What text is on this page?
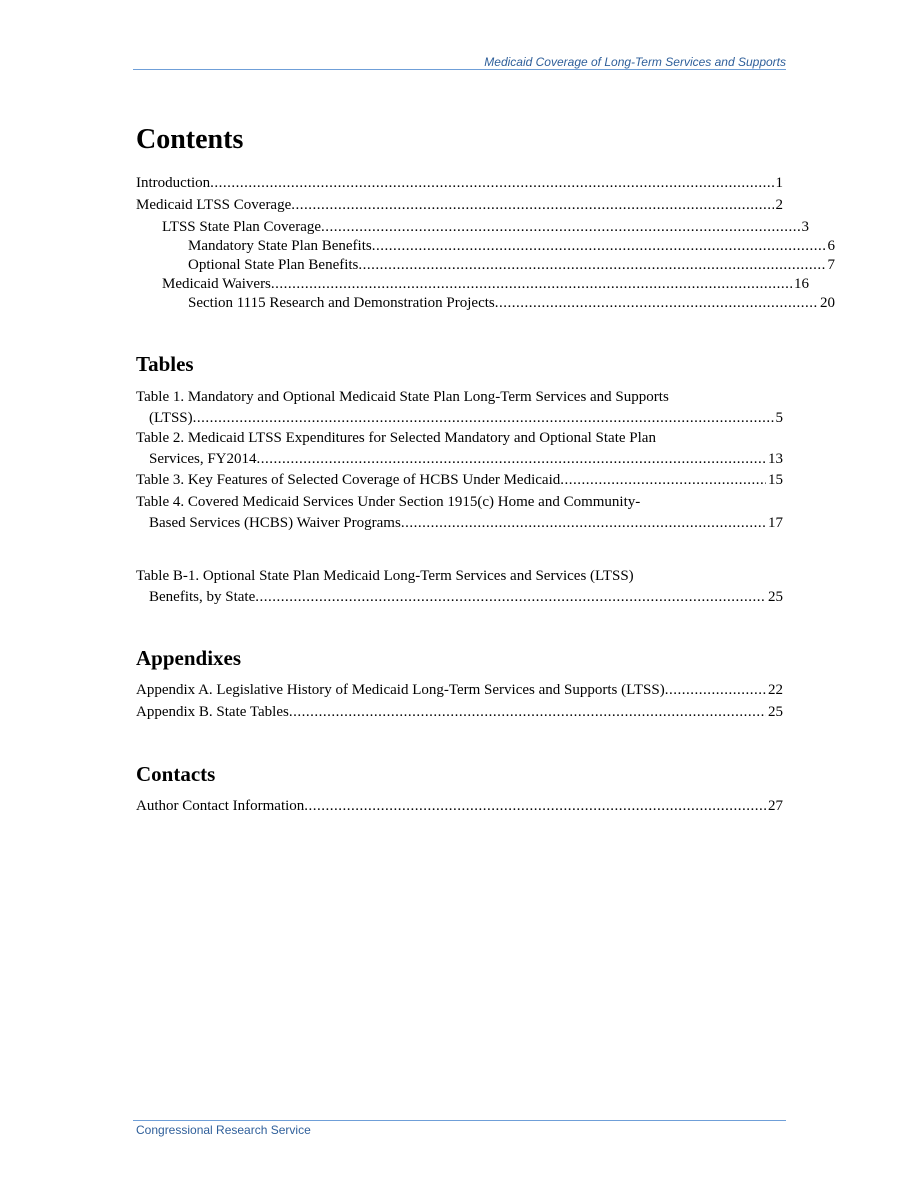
Medicaid Coverage of Long-Term Services and Supports
Contents
Introduction .....	1
Medicaid LTSS Coverage .....	2
LTSS State Plan Coverage .....	3
Mandatory State Plan Benefits .....	6
Optional State Plan Benefits .....	7
Medicaid Waivers .....	16
Section 1115 Research and Demonstration Projects .....	20
Tables
Table 1. Mandatory and Optional Medicaid State Plan Long-Term Services and Supports
(LTSS) .....	5
Table 2. Medicaid LTSS Expenditures for Selected Mandatory and Optional State Plan
Services, FY2014 .....	13
Table 3. Key Features of Selected Coverage of HCBS Under Medicaid .....	15
Table 4. Covered Medicaid Services Under Section 1915(c) Home and Community-
Based Services (HCBS) Waiver Programs .....	17
Table B-1. Optional State Plan Medicaid Long-Term Services and Services (LTSS)
Benefits, by State .....	25
Appendixes
Appendix A. Legislative History of Medicaid Long-Term Services and Supports (LTSS) .....	22
Appendix B. State Tables .....	25
Contacts
Author Contact Information .....	27
Congressional Research Service
